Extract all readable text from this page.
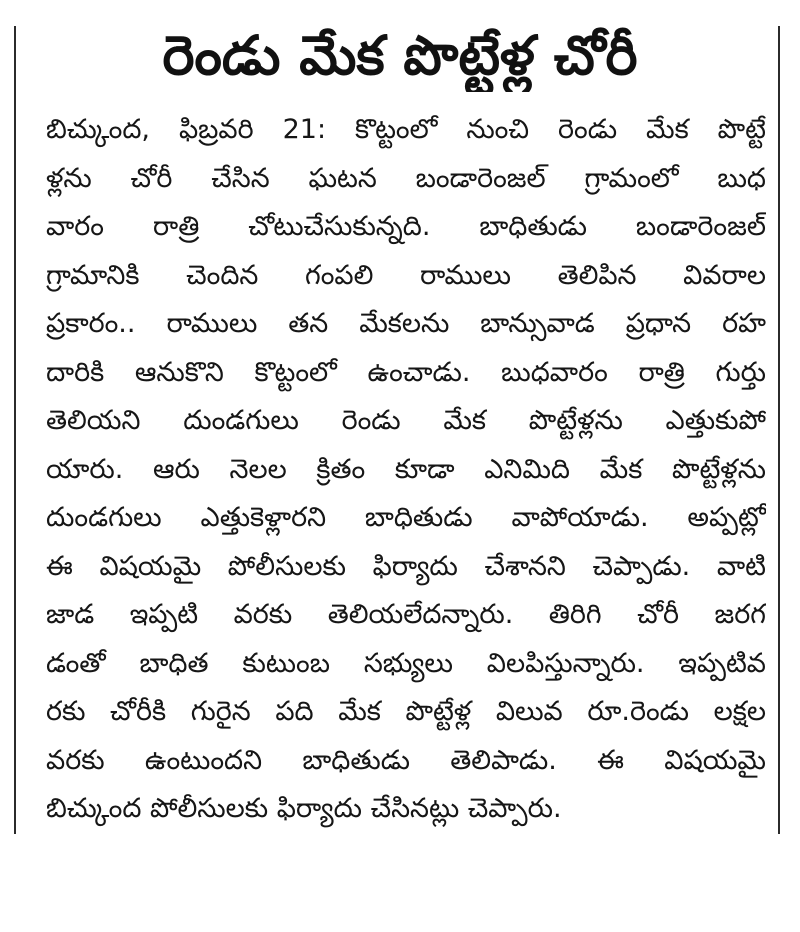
రెండు మేక పొట్టేళ్ల చోరీ
బిచ్కుంద, ఫిబ్రవరి 21: కొట్టంలో నుంచి రెండు మేక పొట్టే
ళ్లను చోరీ చేసిన ఘటన బండారెంజల్ గ్రామంలో బుధ
వారం రాత్రి చోటుచేసుకున్నది. బాధితుడు బండారెంజల్
గ్రామానికి చెందిన గంపలి రాములు తెలిపిన వివరాల
ప్రకారం.. రాములు తన మేకలను బాన్సువాడ ప్రధాన రహ
దారికి ఆనుకొని కొట్టంలో ఉంచాడు. బుధవారం రాత్రి గుర్తు
తెలియని దుండగులు రెండు మేక పొట్టేళ్లను ఎత్తుకుపో
యారు. ఆరు నెలల క్రితం కూడా ఎనిమిది మేక పొట్టేళ్లను
దుండగులు ఎత్తుకెళ్లారని బాధితుడు వాపోయాడు. అప్పట్లో
ఈ విషయమై పోలీసులకు ఫిర్యాదు చేశానని చెప్పాడు. వాటి
జాడ ఇప్పటి వరకు తెలియలేదన్నారు. తిరిగి చోరీ జరగ
డంతో బాధిత కుటుంబ సభ్యులు విలపిస్తున్నారు. ఇప్పటివ
రకు చోరీకి గురైన పది మేక పొట్టేళ్ల విలువ రూ.రెండు లక్షల
వరకు ఉంటుందని బాధితుడు తెలిపాడు. ఈ విషయమై
బిచ్కుంద పోలీసులకు ఫిర్యాదు చేసినట్లు చెప్పారు.
